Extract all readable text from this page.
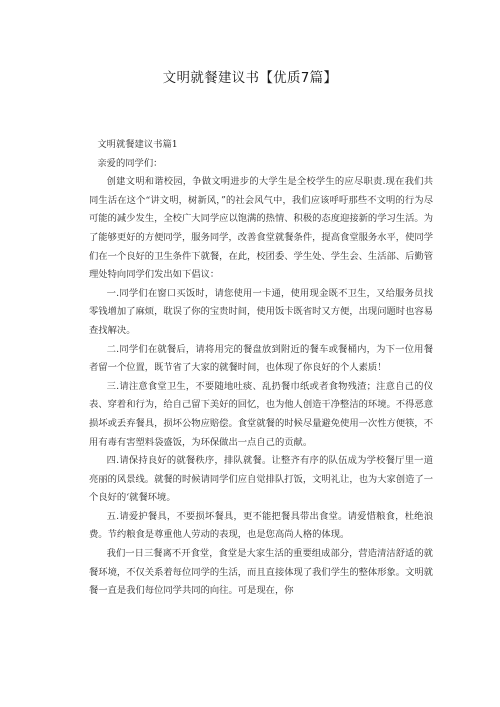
文明就餐建议书【优质7篇】

文明就餐建议书篇1

亲爱的同学们：

创建文明和谐校园，争做文明进步的大学生是全校学生的应尽职责.现在我们共同生活在这个“讲文明，树新风，”的社会风气中，我们应该呼吁那些不文明的行为尽可能的减少发生，全校广大同学应以饱满的热情、积极的态度迎接新的学习生活。为了能够更好的方便同学，服务同学，改善食堂就餐条件，提高食堂服务水平，使同学们在一个良好的卫生条件下就餐，在此，校团委、学生处、学生会、生活部、后勤管理处特向同学们发出如下倡议：

一.同学们在窗口买饭时，请您使用一卡通，使用现金既不卫生，又给服务员找零钱增加了麻烦，耽误了你的宝贵时间，使用饭卡既省时又方便，出现问题时也容易查找解决。

二.同学们在就餐后，请将用完的餐盘放到附近的餐车或餐桶内，为下一位用餐者留一个位置，既节省了大家的就餐时间，也体现了你良好的个人素质！

三.请注意食堂卫生，不要随地吐痰、乱扔餐巾纸或者食物残渣；注意自己的仪表、穿着和行为，给自己留下美好的回忆，也为他人创造干净整洁的环境。不得恶意损坏或丢弃餐具，损坏公物应赔偿。食堂就餐的时候尽量避免使用一次性方便筷，不用有毒有害塑料袋盛饭，为环保做出一点自己的贡献。

四.请保持良好的就餐秩序，排队就餐。让整齐有序的队伍成为学校餐厅里一道亮丽的风景线。就餐的时候请同学们应自觉排队打饭，文明礼让，也为大家创造了一个良好的‘就餐环境。

五.请爱护餐具，不要损坏餐具，更不能把餐具带出食堂。请爱惜粮食，杜绝浪费。节约粮食是尊重他人劳动的表现，也是您高尚人格的体现。

我们一日三餐离不开食堂，食堂是大家生活的重要组成部分，营造清洁舒适的就餐环境，不仅关系着每位同学的生活，而且直接体现了我们学生的整体形象。文明就餐一直是我们每位同学共同的向往。可是现在，你
